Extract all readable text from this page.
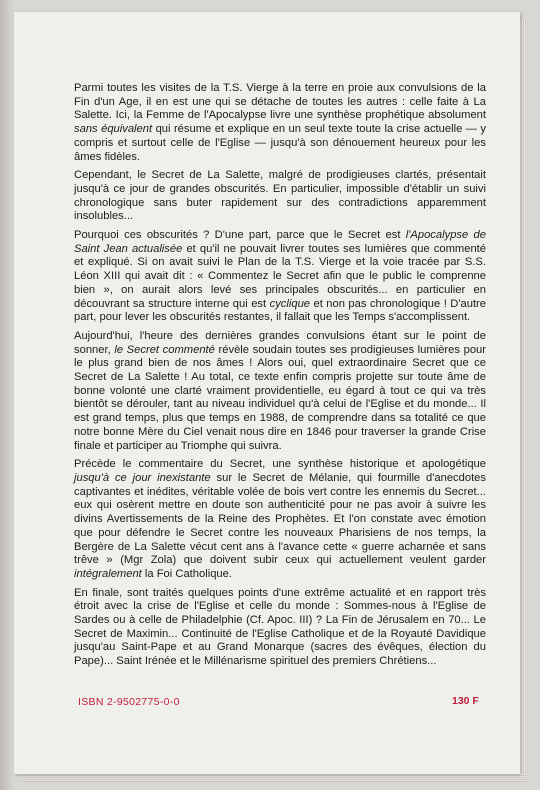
Parmi toutes les visites de la T.S. Vierge à la terre en proie aux convulsions de la Fin d'un Age, il en est une qui se détache de toutes les autres : celle faite à La Salette. Ici, la Femme de l'Apocalypse livre une synthèse prophétique absolument sans équivalent qui résume et explique en un seul texte toute la crise actuelle — y compris et surtout celle de l'Eglise — jusqu'à son dénouement heureux pour les âmes fidèles.

Cependant, le Secret de La Salette, malgré de prodigieuses clartés, présentait jusqu'à ce jour de grandes obscurités. En particulier, impossible d'établir un suivi chronologique sans buter rapidement sur des contradictions apparemment insolubles...

Pourquoi ces obscurités ? D'une part, parce que le Secret est l'Apocalypse de Saint Jean actualisée et qu'il ne pouvait livrer toutes ses lumières que commenté et expliqué. Si on avait suivi le Plan de la T.S. Vierge et la voie tracée par S.S. Léon XIII qui avait dit : « Commentez le Secret afin que le public le comprenne bien », on aurait alors levé ses principales obscurités... en particulier en découvrant sa structure interne qui est cyclique et non pas chronologique ! D'autre part, pour lever les obscurités restantes, il fallait que les Temps s'accomplissent.

Aujourd'hui, l'heure des dernières grandes convulsions étant sur le point de sonner, le Secret commenté révèle soudain toutes ses prodigieuses lumières pour le plus grand bien de nos âmes ! Alors oui, quel extraordinaire Secret que ce Secret de La Salette ! Au total, ce texte enfin compris projette sur toute âme de bonne volonté une clarté vraiment providentielle, eu égard à tout ce qui va très bientôt se dérouler, tant au niveau individuel qu'à celui de l'Eglise et du monde... Il est grand temps, plus que temps en 1988, de comprendre dans sa totalité ce que notre bonne Mère du Ciel venait nous dire en 1846 pour traverser la grande Crise finale et participer au Triomphe qui suivra.

Précède le commentaire du Secret, une synthèse historique et apologétique jusqu'à ce jour inexistante sur le Secret de Mélanie, qui fourmille d'anecdotes captivantes et inédites, véritable volée de bois vert contre les ennemis du Secret... eux qui osèrent mettre en doute son authenticité pour ne pas avoir à suivre les divins Avertissements de la Reine des Prophètes. Et l'on constate avec émotion que pour défendre le Secret contre les nouveaux Pharisiens de nos temps, la Bergère de La Salette vécut cent ans à l'avance cette « guerre acharnée et sans trêve » (Mgr Zola) que doivent subir ceux qui actuellement veulent garder intégralement la Foi Catholique.

En finale, sont traités quelques points d'une extrême actualité et en rapport très étroit avec la crise de l'Eglise et celle du monde : Sommes-nous à l'Eglise de Sardes ou à celle de Philadelphie (Cf. Apoc. III) ? La Fin de Jérusalem en 70... Le Secret de Maximin... Continuité de l'Eglise Catholique et de la Royauté Davidique jusqu'au Saint-Pape et au Grand Monarque (sacres des évêques, élection du Pape)... Saint Irénée et le Millénarisme spirituel des premiers Chrétiens...

ISBN 2-9502775-0-0	130 F
